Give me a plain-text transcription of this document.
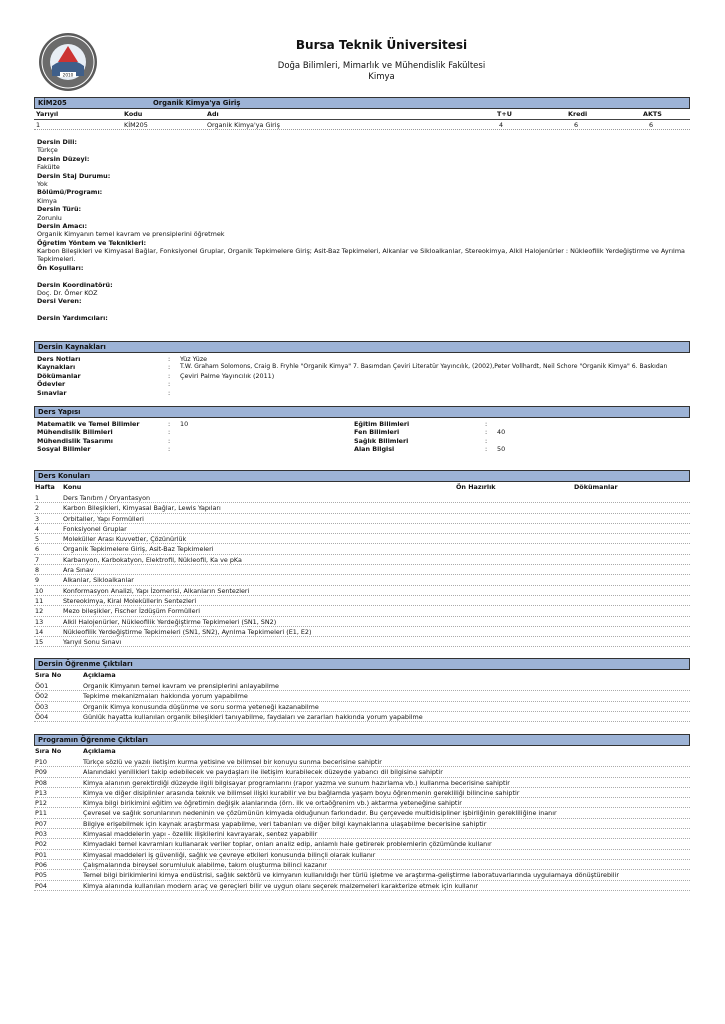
2010
Bursa Teknik Üniversitesi
Doğa Bilimleri, Mimarlık ve Mühendislik Fakültesi
Kimya
KİM205	Organik Kimya'ya Giriş
Yarıyıl	Kodu	Adı	T+U	Kredi	AKTS
1	KİM205	Organik Kimya'ya Giriş	4	6	6
Dersin Dili:
Türkçe
Dersin Düzeyi:
Fakülte
Dersin Staj Durumu:
Yok
Bölümü/Programı:
Kimya
Dersin Türü:
Zorunlu
Dersin Amacı:
Organik Kimyanın temel kavram ve prensiplerini öğretmek
Öğretim Yöntem ve Teknikleri:
Karbon Bileşikleri ve Kimyasal Bağlar, Fonksiyonel Gruplar, Organik Tepkimelere Giriş; Asit-Baz Tepkimeleri, Alkanlar ve Sikloalkanlar, Stereokimya, Alkil Halojenürler : Nükleofilik Yerdeğiştirme ve Ayrılma Tepkimeleri.
Ön Koşulları:
Dersin Koordinatörü:
Doç. Dr. Ömer KOZ
Dersi Veren:
Dersin Yardımcıları:
Dersin Kaynakları
Ders Notları	: Yüz Yüze
Kaynakları	: T.W. Graham Solomons, Craig B. Fryhle "Organik Kimya" 7. Basımdan Çeviri Literatür Yayıncılık, (2002),Peter Vollhardt, Neil Schore "Organik Kimya" 6. Baskıdan
Dökümanlar	: Çeviri Palme Yayıncılık (2011)
Ödevler	:
Sınavlar	:
Ders Yapısı
Matematik ve Temel Bilimler	: 10	Eğitim Bilimleri	:
Mühendislik Bilimleri	:	Fen Bilimleri	: 40
Mühendislik Tasarımı	:	Sağlık Bilimleri	:
Sosyal Bilimler	:	Alan Bilgisi	: 50
Ders Konuları
Hafta Konu	Ön Hazırlık	Dökümanlar
1	Ders Tanıtım / Oryantasyon
2	Karbon Bileşikleri, Kimyasal Bağlar, Lewis Yapıları
3	Orbitaller, Yapı Formülleri
4	Fonksiyonel Gruplar
5	Moleküller Arası Kuvvetler, Çözünürlük
6	Organik Tepkimelere Giriş, Asit-Baz Tepkimeleri
7	Karbanyon, Karbokatyon, Elektrofil, Nükleofil, Ka ve pKa
8	Ara Sınav
9	Alkanlar, Sikloalkanlar
10	Konformasyon Analizi, Yapı İzomerisi, Alkanların Sentezleri
11	Stereokimya, Kiral Moleküllerin Sentezleri
12	Mezo bileşikler, Fischer İzdüşüm Formülleri
13	Alkil Halojenürler, Nükleofilik Yerdeğiştirme Tepkimeleri (SN1, SN2)
14	Nükleofilik Yerdeğiştirme Tepkimeleri (SN1, SN2), Ayrılma Tepkimeleri (E1, E2)
15	Yarıyıl Sonu Sınavı
Dersin Öğrenme Çıktıları
Sıra No	Açıklama
Ö01	Organik Kimyanın temel kavram ve prensiplerini anlayabilme
Ö02	Tepkime mekanizmaları hakkında yorum yapabilme
Ö03	Organik Kimya konusunda düşünme ve soru sorma yeteneği kazanabilme
Ö04	Günlük hayatta kullanılan organik bileşikleri tanıyabilme, faydaları ve zararları hakkında yorum yapabilme
Programın Öğrenme Çıktıları
Sıra No	Açıklama
P10	Türkçe sözlü ve yazılı iletişim kurma yetisine ve bilimsel bir konuyu sunma becerisine sahiptir
P09	Alanındaki yenilikleri takip edebilecek ve paydaşları ile iletişim kurabilecek düzeyde yabancı dil bilgisine sahiptir
P08	Kimya alanının gerektirdiği düzeyde ilgili bilgisayar programlarını (rapor yazma ve sunum hazırlama vb.) kullanma becerisine sahiptir
P13	Kimya ve diğer disiplinler arasında teknik ve bilimsel ilişki kurabilir ve bu bağlamda yaşam boyu öğrenmenin gerekliliği bilincine sahiptir
P12	Kimya bilgi birikimini eğitim ve öğretimin değişik alanlarında (örn. ilk ve ortaöğrenim vb.) aktarma yeteneğine sahiptir
P11	Çevresel ve sağlık sorunlarının nedeninin ve çözümünün kimyada olduğunun farkındadır. Bu çerçevede multidisipliner işbirliğinin gerekliliğine inanır
P07	Bilgiye erişebilmek için kaynak araştırması yapabilme, veri tabanları ve diğer bilgi kaynaklarına ulaşabilme becerisine sahiptir
P03	Kimyasal maddelerin yapı - özellik ilişkilerini kavrayarak, sentez yapabilir
P02	Kimyadaki temel kavramları kullanarak veriler toplar, onları analiz edip, anlamlı hale getirerek problemlerin çözümünde kullanır
P01	Kimyasal maddeleri iş güvenliği, sağlık ve çevreye etkileri konusunda bilinçli olarak kullanır
P06	Çalışmalarında bireysel sorumluluk alabilme, takım oluşturma bilinci kazanır
P05	Temel bilgi birikimlerini kimya endüstrisi, sağlık sektörü ve kimyanın kullanıldığı her türlü işletme ve araştırma-geliştirme laboratuvarlarında uygulamaya dönüştürebilir
P04	Kimya alanında kullanılan modern araç ve gereçleri bilir ve uygun olanı seçerek malzemeleri karakterize etmek için kullanır
